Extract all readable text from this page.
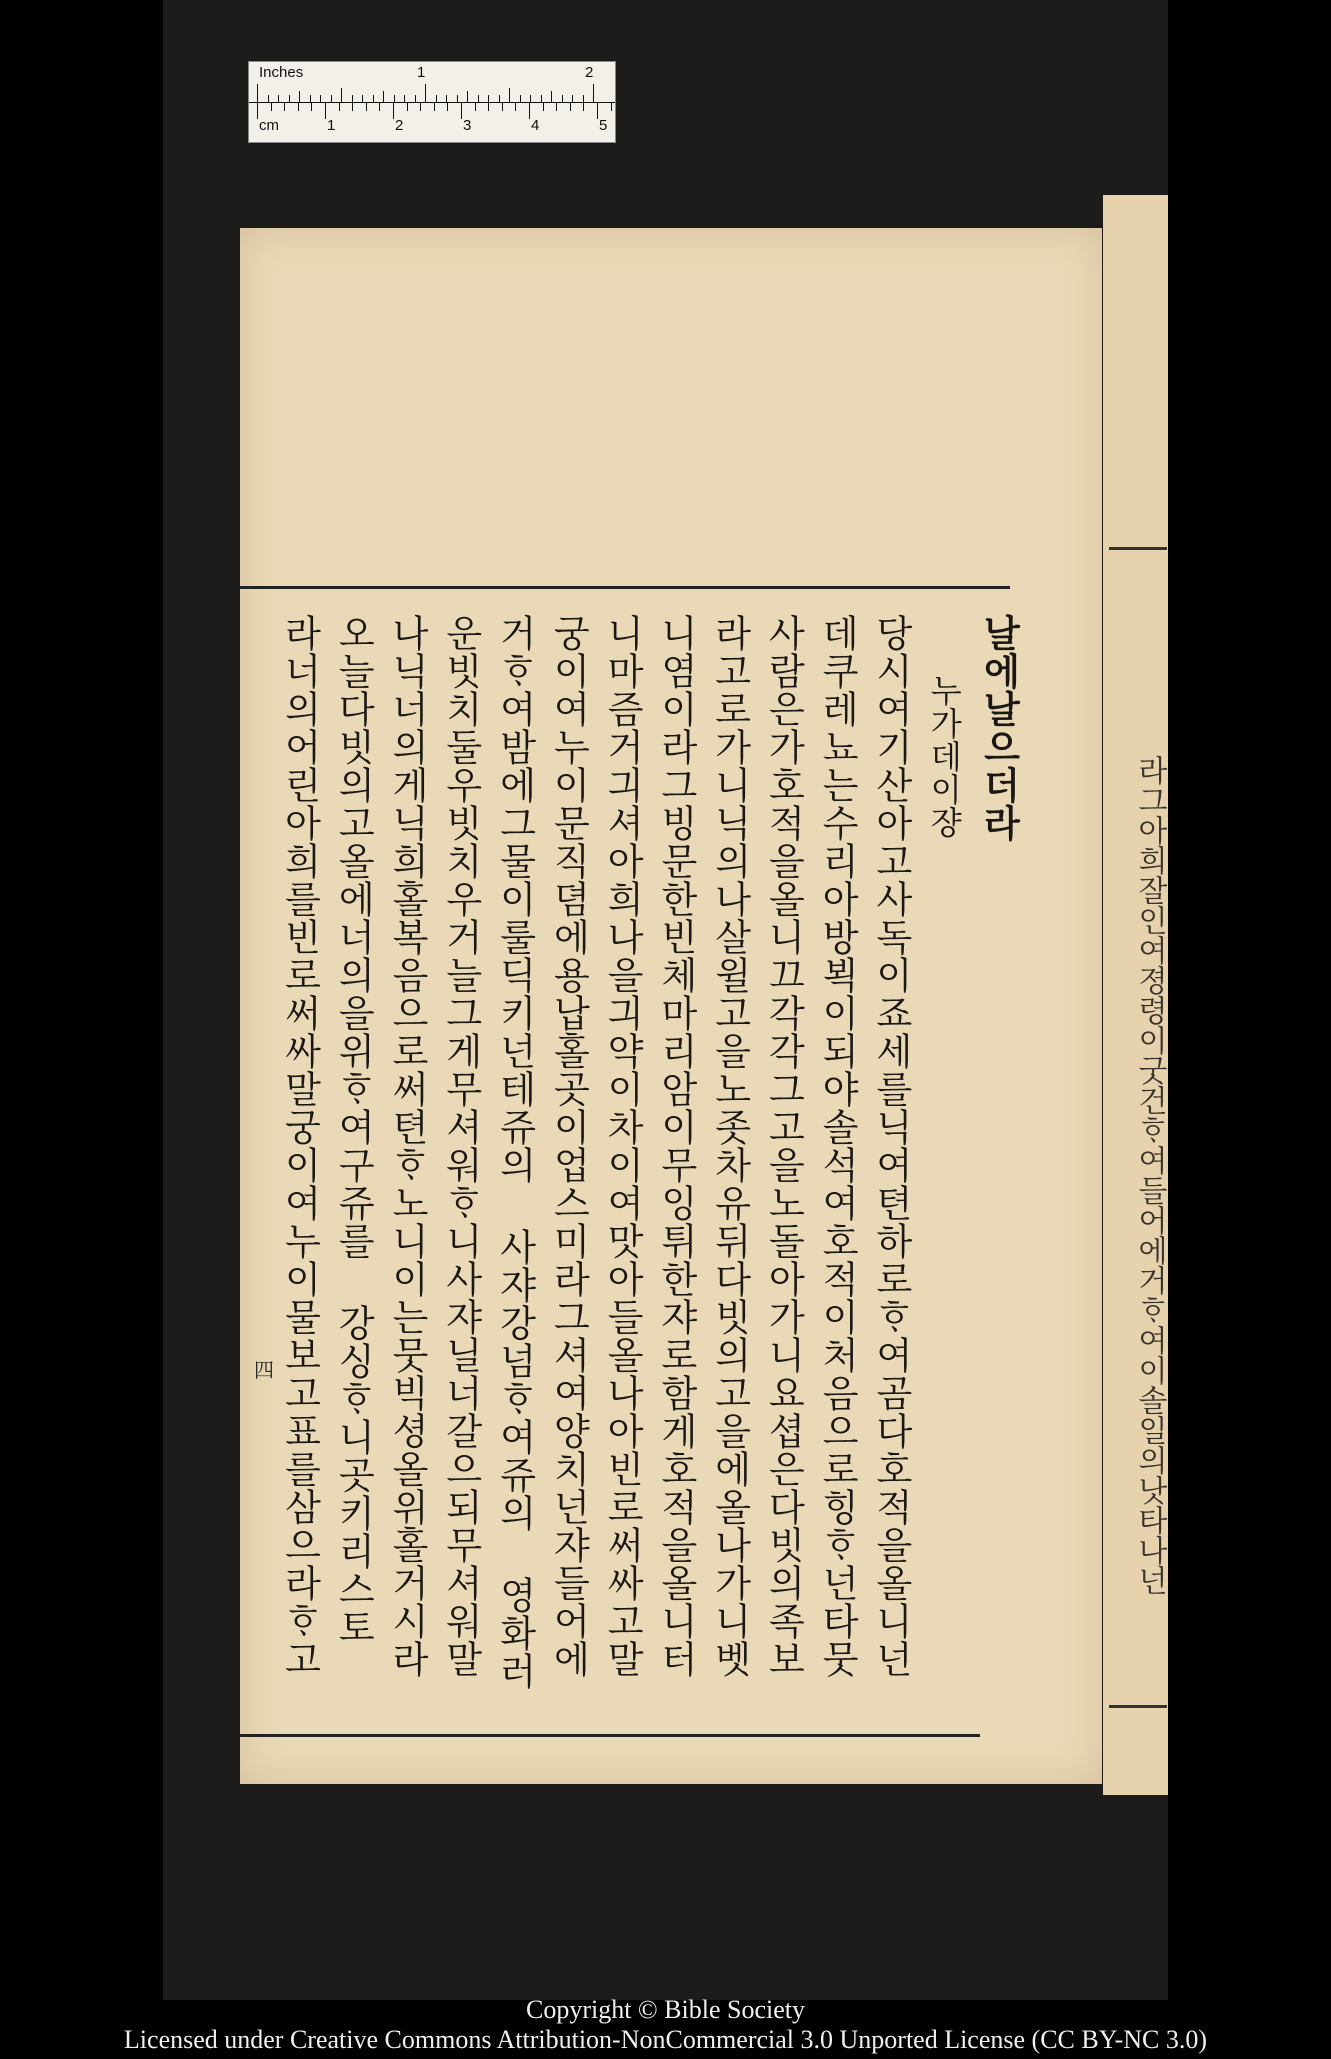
Inches	1	2
cm	1	2	3	4	5
날에날으더라
누가데이쟝
당시여기산아고사독이죠세를닉여텬하로ᄒᆞ여곰다호적을올니넌
데쿠레뇨는수리아방뵉이되야솔석여호적이처음으로힝ᄒᆞ넌타뭇
사람은가호적을올니끄각각그고을노돌아가니요셥은다빗의족보
라고로가니닉의나살윌고을노좃차유뒤다빗의고을에올나가니벳
니염이라그빙문한빈체마리암이무잉튀한쟈로함게호적을올니터
니마즘거긔셔아희나을긔약이차이여맛아들올나아빈로써싸고말
궁이여누이문직뎜에용납홀곳이업스미라그셔여양치넌쟈들어에
거ᄒᆞ여밤에그물이룰딕키넌테쥬의 사쟈강넘ᄒᆞ여쥬의 영화러
운빗치둘우빗치우거늘그게무셔워ᄒᆞ니사쟈닐너갈으되무셔워말
나닉너의게닉희홀복음으로써텬ᄒᆞ노니이는뭇빅셩올위홀거시라
오늘다빗의고올에너의을위ᄒᆞ여구쥬를 강싱ᄒᆞ니곳키리스토
라너의어린아희를빈로써싸말궁이여누이물보고표를삼으라ᄒᆞ고
四	라그아희잘인여졍령이굿건ᄒᆞ여들어에거ᄒᆞ여이솔일의낫타나넌
Copyright © Bible Society
Licensed under Creative Commons Attribution-NonCommercial 3.0 Unported License (CC BY-NC 3.0)
